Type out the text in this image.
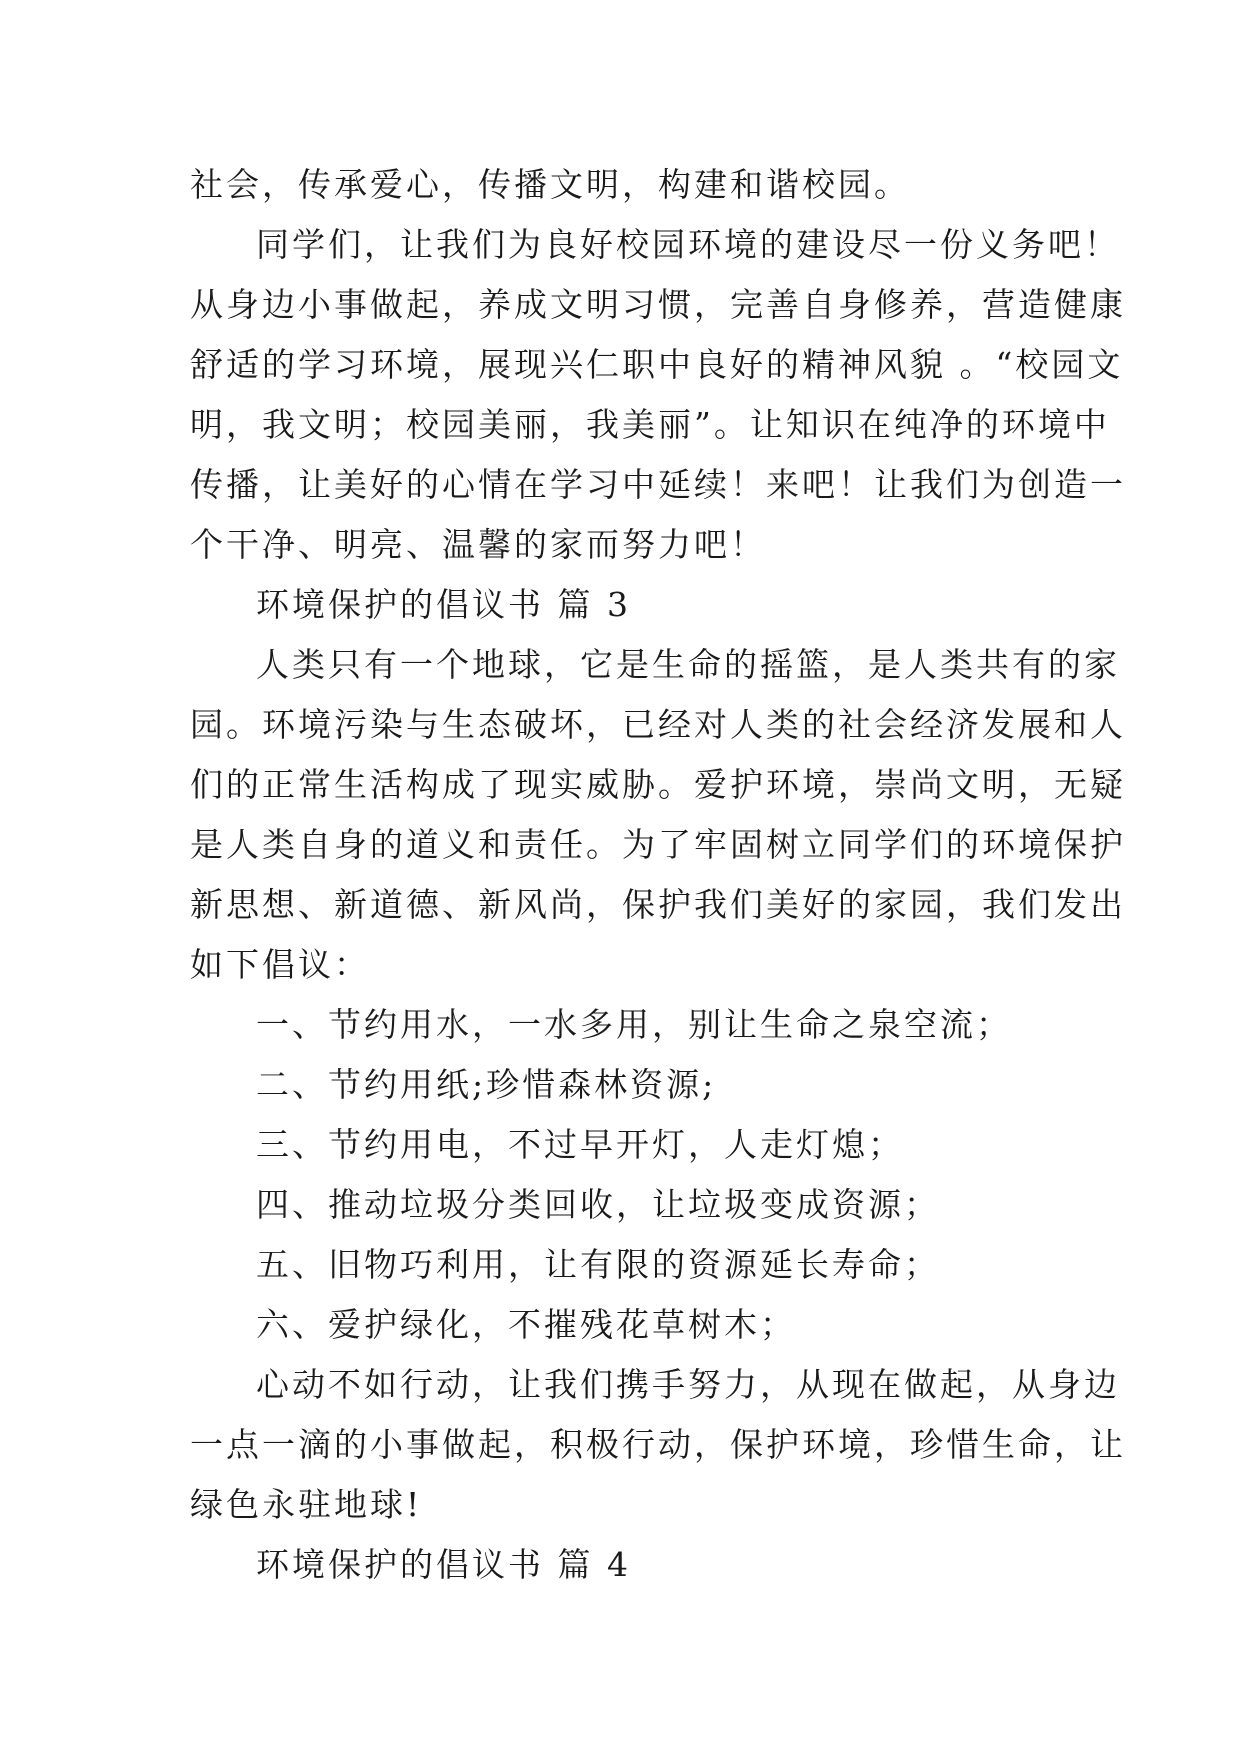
社会，传承爱心，传播文明，构建和谐校园。
同学们，让我们为良好校园环境的建设尽一份义务吧！
从身边小事做起，养成文明习惯，完善自身修养，营造健康
舒适的学习环境，展现兴仁职中良好的精神风貌 。“校园文
明，我文明；校园美丽，我美丽”。让知识在纯净的环境中
传播，让美好的心情在学习中延续！来吧！让我们为创造一
个干净、明亮、温馨的家而努力吧！
环境保护的倡议书 篇 3
人类只有一个地球，它是生命的摇篮，是人类共有的家
园。环境污染与生态破坏，已经对人类的社会经济发展和人
们的正常生活构成了现实威胁。爱护环境，崇尚文明，无疑
是人类自身的道义和责任。为了牢固树立同学们的环境保护
新思想、新道德、新风尚，保护我们美好的家园，我们发出
如下倡议：
一、节约用水，一水多用，别让生命之泉空流；
二、节约用纸;珍惜森林资源;
三、节约用电，不过早开灯，人走灯熄；
四、推动垃圾分类回收，让垃圾变成资源；
五、旧物巧利用，让有限的资源延长寿命；
六、爱护绿化，不摧残花草树木；
心动不如行动，让我们携手努力，从现在做起，从身边
一点一滴的小事做起，积极行动，保护环境，珍惜生命，让
绿色永驻地球!
环境保护的倡议书 篇 4
